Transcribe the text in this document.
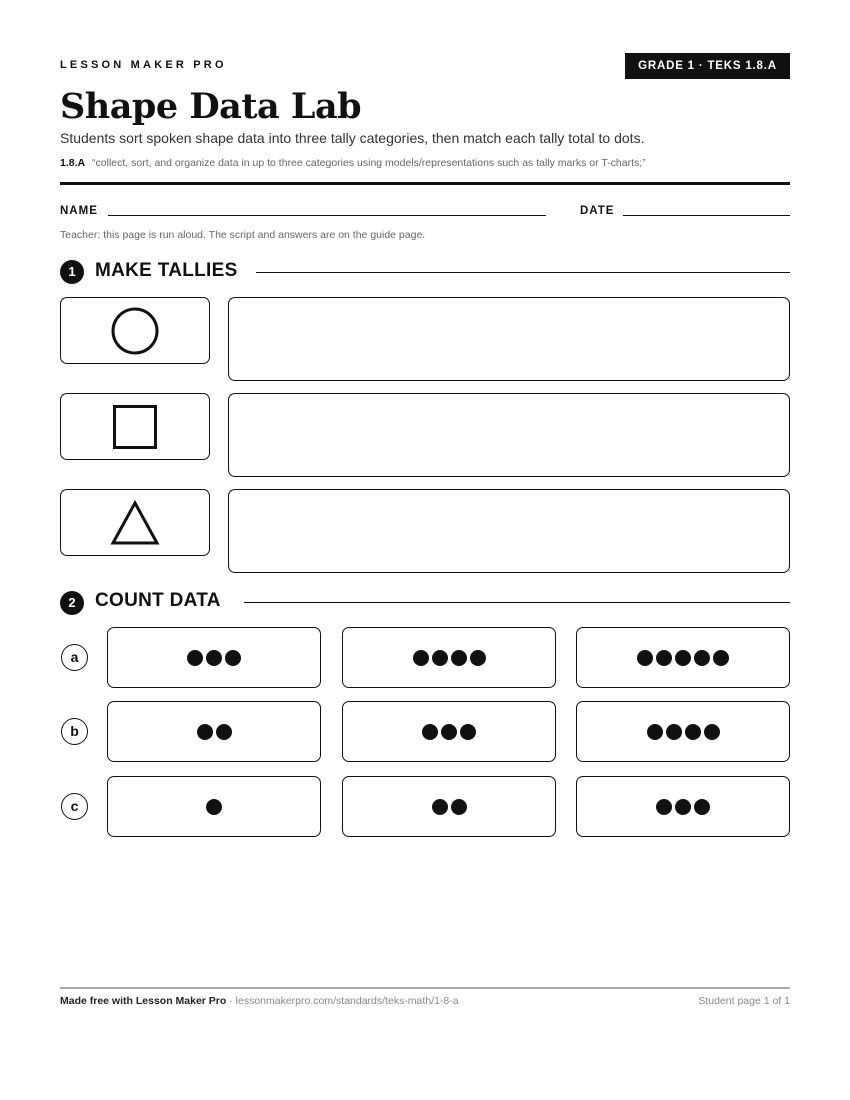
LESSON MAKER PRO	GRADE 1 · TEKS 1.8.A
Shape Data Lab

Students sort spoken shape data into three tally categories, then match each tally total to dots.

1.8.A “collect, sort, and organize data in up to three categories using models/representations such as tally marks or T-charts;”
NAME	DATE
Teacher: this page is run aloud. The script and answers are on the guide page.
1	MAKE TALLIES
2	COUNT DATA
a
b
c
Made free with Lesson Maker Pro · lessonmakerpro.com/standards/teks-math/1-8-a	Student page 1 of 1
